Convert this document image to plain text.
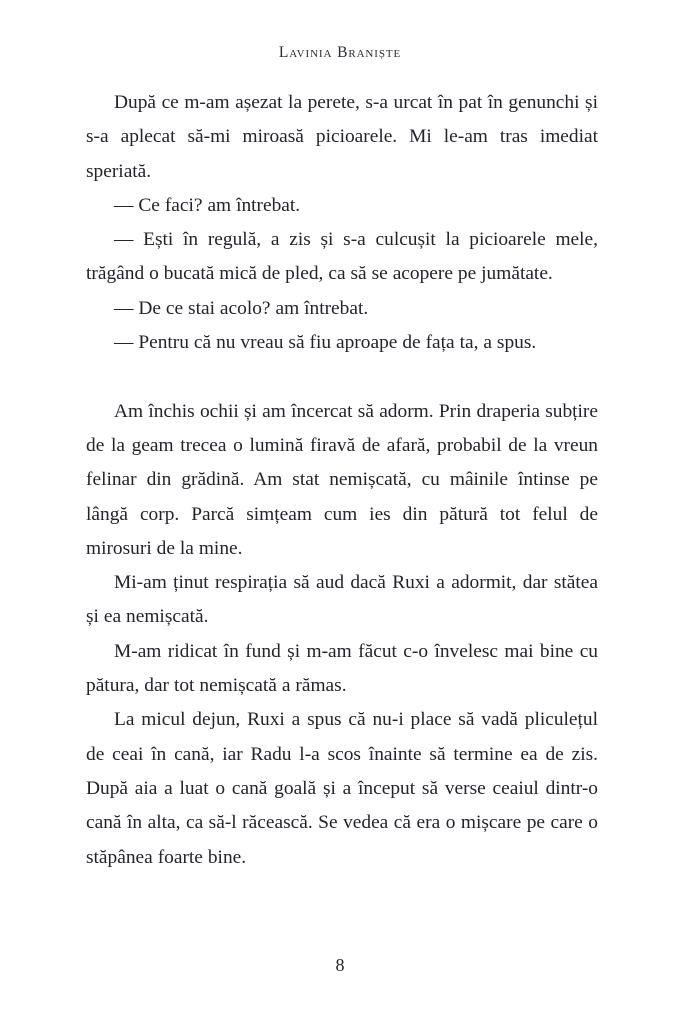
Lavinia Braniște

După ce m-am așezat la perete, s-a urcat în pat în genunchi și s-a aplecat să-mi miroasă picioarele. Mi le-am tras imediat speriată.

— Ce faci? am întrebat.

— Ești în regulă, a zis și s-a culcușit la picioarele mele, trăgând o bucată mică de pled, ca să se acopere pe jumătate.

— De ce stai acolo? am întrebat.

— Pentru că nu vreau să fiu aproape de fața ta, a spus.

Am închis ochii și am încercat să adorm. Prin draperia subțire de la geam trecea o lumină firavă de afară, probabil de la vreun felinar din grădină. Am stat nemișcată, cu mâinile întinse pe lângă corp. Parcă simțeam cum ies din pătură tot felul de mirosuri de la mine.

Mi-am ținut respirația să aud dacă Ruxi a adormit, dar stătea și ea nemișcată.

M-am ridicat în fund și m-am făcut c-o învelesc mai bine cu pătura, dar tot nemișcată a rămas.

La micul dejun, Ruxi a spus că nu-i place să vadă pliculețul de ceai în cană, iar Radu l-a scos înainte să termine ea de zis. După aia a luat o cană goală și a început să verse ceaiul dintr-o cană în alta, ca să-l răcească. Se vedea că era o mișcare pe care o stăpânea foarte bine.

8
